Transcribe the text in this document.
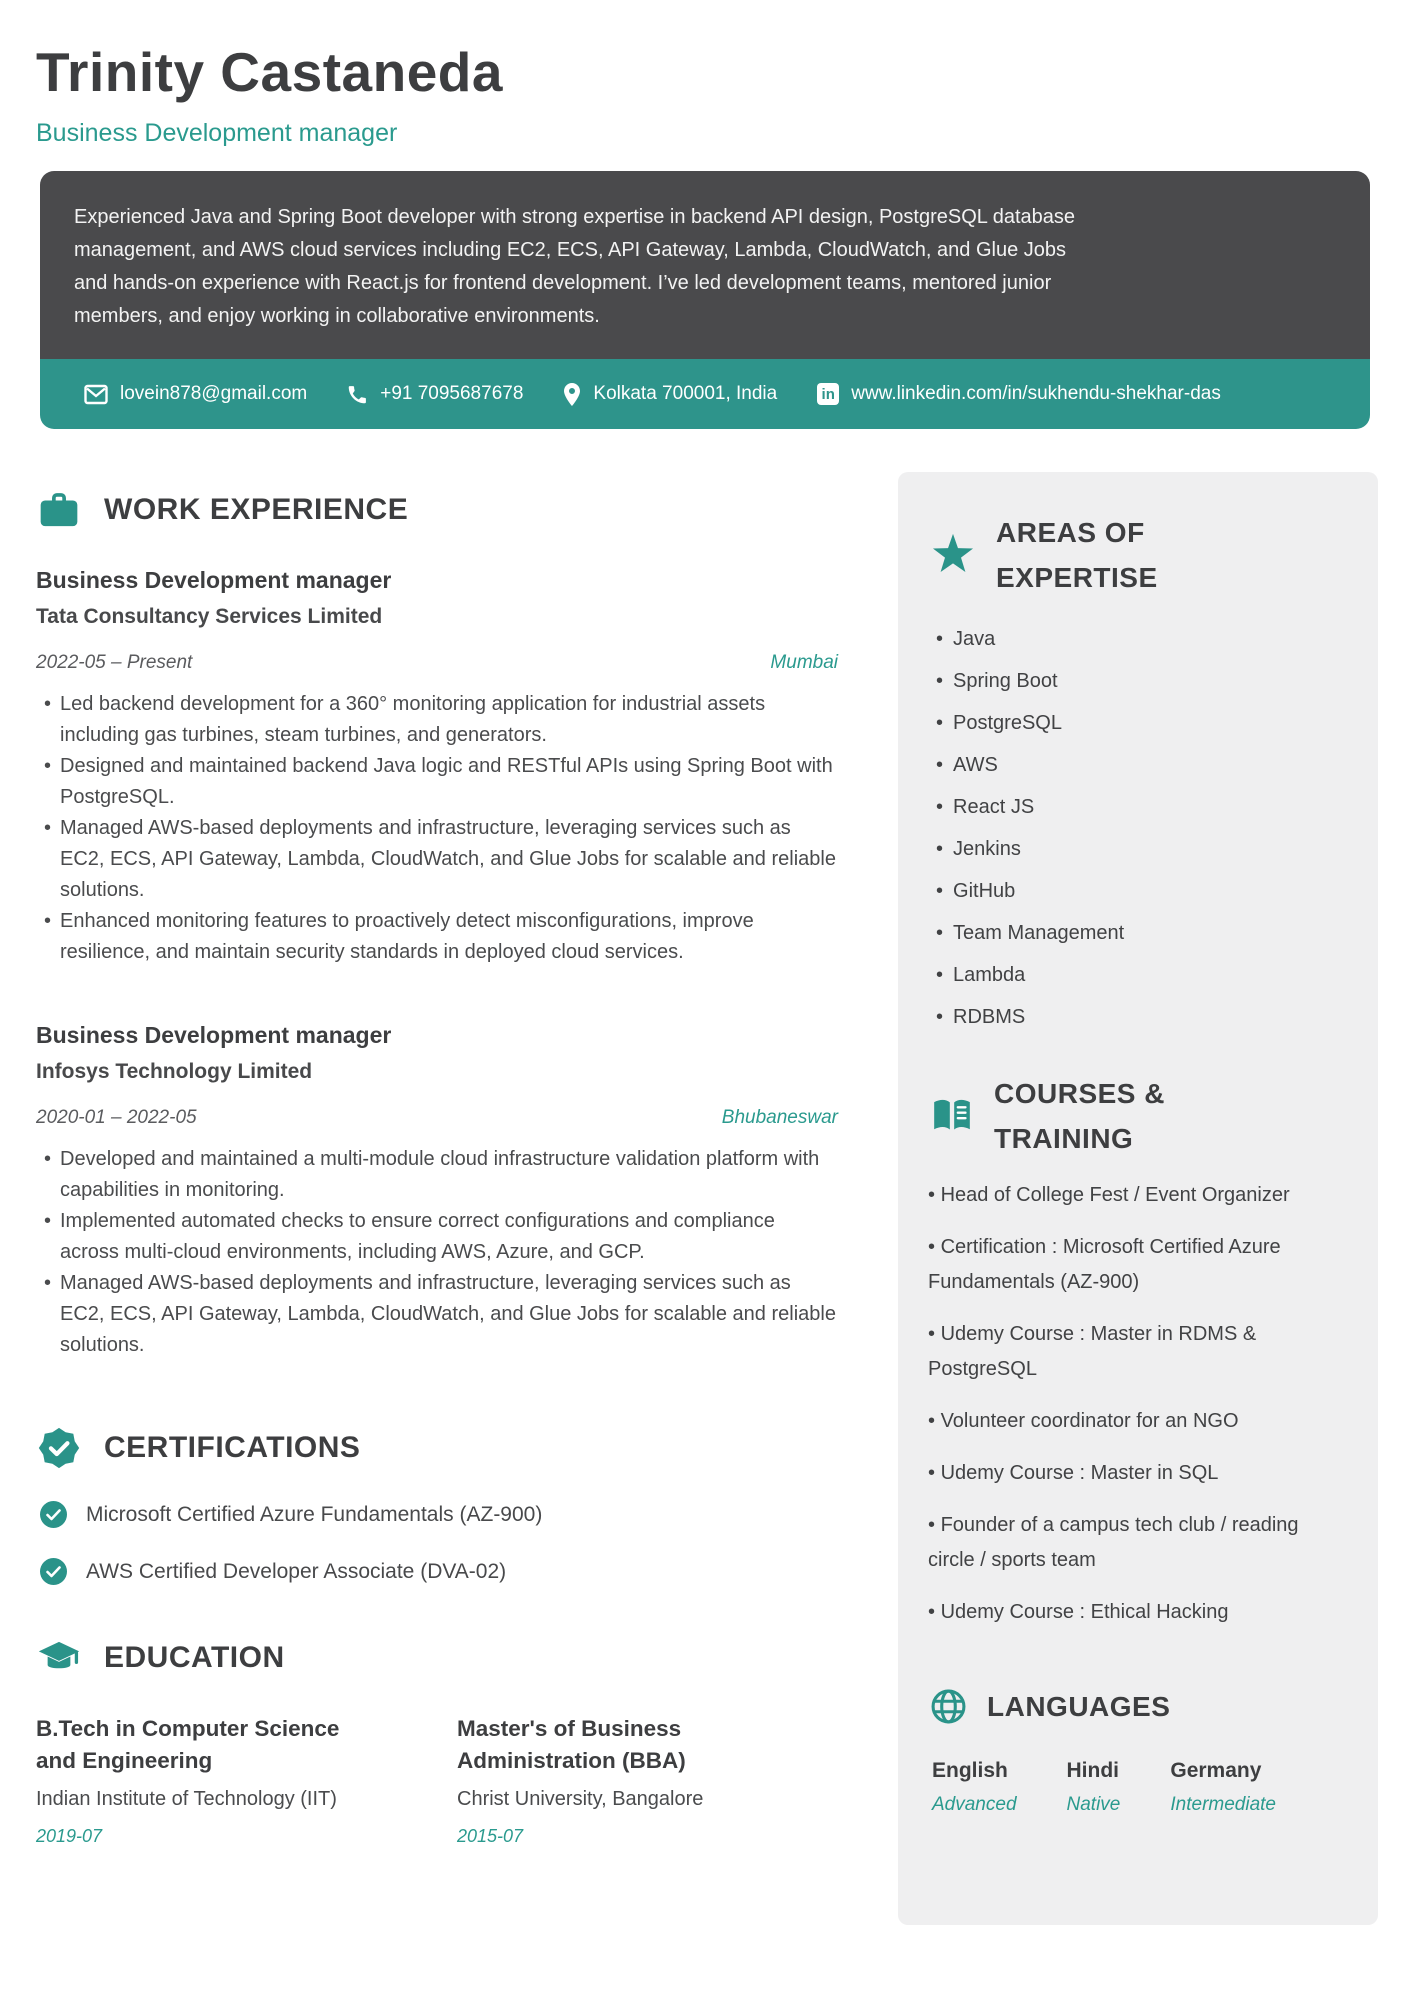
Trinity Castaneda
Business Development manager

Experienced Java and Spring Boot developer with strong expertise in backend API design, PostgreSQL database management, and AWS cloud services including EC2, ECS, API Gateway, Lambda, CloudWatch, and Glue Jobs and hands-on experience with React.js for frontend development. I’ve led development teams, mentored junior members, and enjoy working in collaborative environments.

lovein878@gmail.com	+91 7095687678	Kolkata 700001, India	in www.linkedin.com/in/sukhendu-shekhar-das
WORK EXPERIENCE

Business Development manager

Tata Consultancy Services Limited

2022-05 – Present	Mumbai
• Led backend development for a 360° monitoring application for industrial assets including gas turbines, steam turbines, and generators.
• Designed and maintained backend Java logic and RESTful APIs using Spring Boot with PostgreSQL.
• Managed AWS-based deployments and infrastructure, leveraging services such as EC2, ECS, API Gateway, Lambda, CloudWatch, and Glue Jobs for scalable and reliable solutions.
• Enhanced monitoring features to proactively detect misconfigurations, improve resilience, and maintain security standards in deployed cloud services.

Business Development manager

Infosys Technology Limited

2020-01 – 2022-05	Bhubaneswar
• Developed and maintained a multi-module cloud infrastructure validation platform with capabilities in monitoring.
• Implemented automated checks to ensure correct configurations and compliance across multi-cloud environments, including AWS, Azure, and GCP.
• Managed AWS-based deployments and infrastructure, leveraging services such as EC2, ECS, API Gateway, Lambda, CloudWatch, and Glue Jobs for scalable and reliable solutions.
CERTIFICATIONS
Microsoft Certified Azure Fundamentals (AZ-900)
AWS Certified Developer Associate (DVA-02)
EDUCATION

B.Tech in Computer Science and Engineering

Indian Institute of Technology (IIT)
2019-07

Master's of Business Administration (BBA)

Christ University, Bangalore
2015-07
AREAS OF
EXPERTISE
• Java
• Spring Boot
• PostgreSQL
• AWS
• React JS
• Jenkins
• GitHub
• Team Management
• Lambda
• RDBMS
COURSES &
TRAINING

• Head of College Fest / Event Organizer

• Certification : Microsoft Certified Azure Fundamentals (AZ-900)

• Udemy Course : Master in RDMS & PostgreSQL

• Volunteer coordinator for an NGO

• Udemy Course : Master in SQL

• Founder of a campus tech club / reading circle / sports team

• Udemy Course : Ethical Hacking

LANGUAGES
English
Advanced
Hindi
Native
Germany
Intermediate
